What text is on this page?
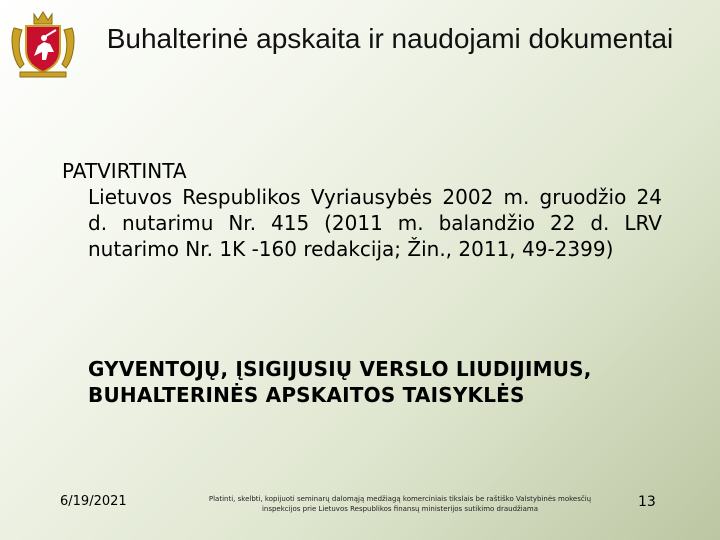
Buhalterinė apskaita ir naudojami dokumentai
PATVIRTINTA
Lietuvos Respublikos Vyriausybės 2002 m. gruodžio 24 d. nutarimu Nr. 415 (2011 m. balandžio 22 d. LRV nutarimo Nr. 1K -160 redakcija; Žin., 2011, 49-2399)
GYVENTOJŲ, ĮSIGIJUSIŲ VERSLO LIUDIJIMUS, BUHALTERINĖS APSKAITOS TAISYKLĖS
6/19/2021	Platinti, skelbti, kopijuoti seminarų dalomąją medžiagą komerciniais tikslais be raštiško Valstybinės mokesčių inspekcijos prie Lietuvos Respublikos finansų ministerijos sutikimo draudžiama	13
